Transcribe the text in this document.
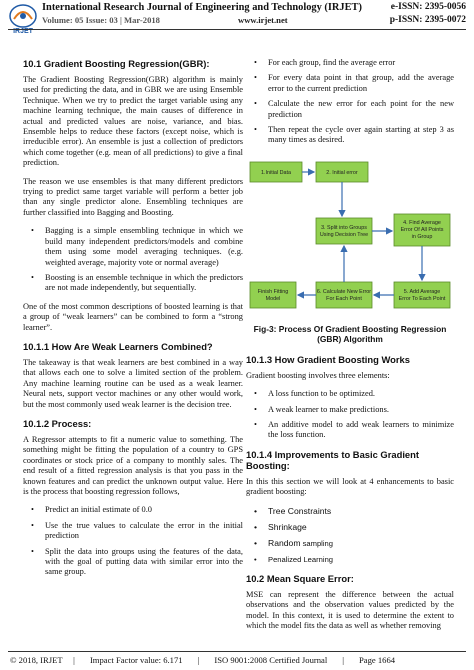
IRJET
International Research Journal of Engineering and Technology (IRJET)
Volume: 05 Issue: 03 | Mar-2018	www.irjet.net
e-ISSN: 2395-0056
p-ISSN: 2395-0072
10.1 Gradient Boosting Regression(GBR):

The Gradient Boosting Regression(GBR) algorithm is mainly used for predicting the data, and in GBR we are using Ensemble Technique. When we try to predict the target variable using any machine learning technique, the main causes of difference in actual and predicted values are noise, variance, and bias. Ensemble helps to reduce these factors (except noise, which is irreducible error). An ensemble is just a collection of predictors which come together (e.g. mean of all predictions) to give a final prediction.

The reason we use ensembles is that many different predictors trying to predict same target variable will perform a better job than any single predictor alone. Ensembling techniques are further classified into Bagging and Boosting.

• Bagging is a simple ensembling technique in which we build many independent predictors/models and combine them using some model averaging techniques. (e.g. weighted average, majority vote or normal average)
• Boosting is an ensemble technique in which the predictors are not made independently, but sequentially.

One of the most common descriptions of boosted learning is that a group of “weak learners” can be combined to form a “strong learner”.

10.1.1 How Are Weak Learners Combined?

The takeaway is that weak learners are best combined in a way that allows each one to solve a limited section of the problem. Any machine learning routine can be used as a weak learner. Neural nets, support vector machines or any other would work, but the most commonly used weak learner is the decision tree.

10.1.2 Process:

A Regressor attempts to fit a numeric value to something. The something might be fitting the population of a country to GPS coordinates or stock price of a company to monthly sales. The end result of a fitted regression analysis is that you pass in the known features and can predict the unknown output value. Here is the process that boosting regression follows,

• Predict an initial estimate of 0.0
• Use the true values to calculate the error in the initial prediction
• Split the data into groups using the features of the data, with the goal of putting data with similar error into the same group.
• For each group, find the average error
• For every data point in that group, add the average error to the current prediction
• Calculate the new error for each point for the new prediction
• Then repeat the cycle over again starting at step 3 as many times as desired.
1.Initial Data	2. Initial error
3. Split into Groups Using Decision Tree
4. Find Average Error Of All Points in Group
5. Add Average Error To Each Point
6. Calculate New Error For Each Point
Finish Fitting Model
Fig-3: Process Of Gradient Boosting Regression (GBR) Algorithm
10.1.3 How Gradient Boosting Works

Gradient boosting involves three elements:

• A loss function to be optimized.
• A weak learner to make predictions.
• An additive model to add weak learners to minimize the loss function.
10.1.4 Improvements to Basic Gradient Boosting:

In this this section we will look at 4 enhancements to basic gradient boosting:

• Tree Constraints
• Shrinkage
• Random sampling
• Penalized Learning
10.2 Mean Square Error:

MSE can represent the difference between the actual observations and the observation values predicted by the model. In this context, it is used to determine the extent to which the model fits the data as well as whether removing

© 2018, IRJET     |       Impact Factor value: 6.171       |       ISO 9001:2008 Certified Journal       |       Page 1664
